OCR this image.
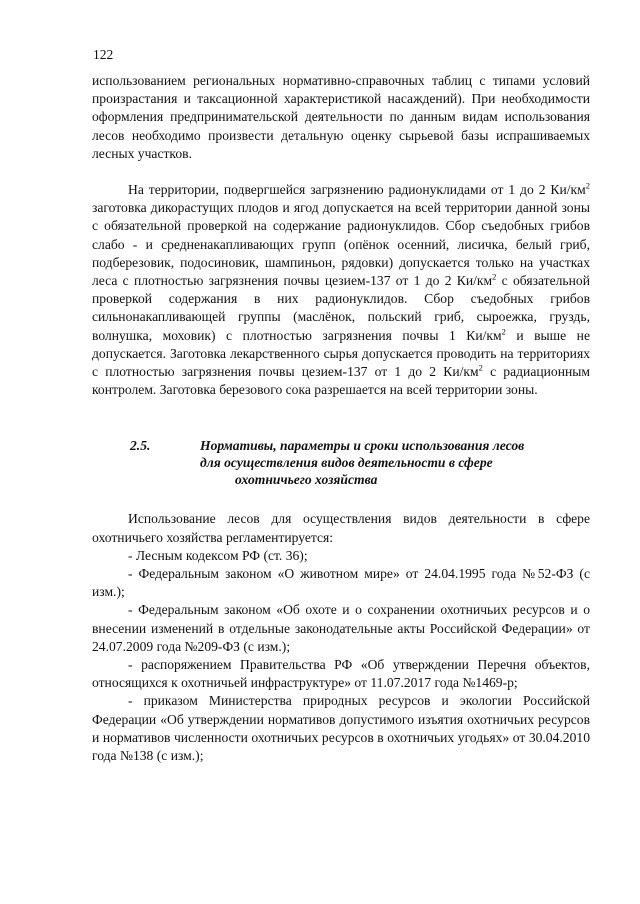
122

использованием региональных нормативно-справочных таблиц с типами условий произрастания и таксационной характеристикой насаждений). При необходимости оформления предпринимательской деятельности по данным видам использования лесов необходимо произвести детальную оценку сырьевой базы испрашиваемых лесных участков.

На территории, подвергшейся загрязнению радионуклидами от 1 до 2 $Ки/км^2$ заготовка дикорастущих плодов и ягод допускается на всей территории данной зоны с обязательной проверкой на содержание радионуклидов. Сбор съедобных грибов слабо - и средненакапливающих групп (опёнок осенний, лисичка, белый гриб, подберезовик, подосиновик, шампиньон, рядовки) допускается только на участках леса с плотностью загрязнения почвы цезием-137 от 1 до 2 $Ки/км^2$ с обязательной проверкой содержания в них радионуклидов. Сбор съедобных грибов сильнонакапливающей группы (маслёнок, польский гриб, сыроежка, груздь, волнушка, моховик) с плотностью загрязнения почвы 1 $Ки/км^2$ и выше не допускается. Заготовка лекарственного сырья допускается проводить на территориях с плотностью загрязнения почвы цезием-137 от 1 до 2 $Ки/км^2$ с радиационным контролем. Заготовка березового сока разрешается на всей территории зоны.

2.5.	Нормативы, параметры и сроки использования лесов
для осуществления видов деятельности в сфере
охотничьего хозяйства

Использование лесов для осуществления видов деятельности в сфере охотничьего хозяйства регламентируется:

- Лесным кодексом РФ (ст. 36);

- Федеральным законом «О животном мире» от 24.04.1995 года №52-ФЗ (с изм.);

- Федеральным законом «Об охоте и о сохранении охотничьих ресурсов и о внесении изменений в отдельные законодательные акты Российской Федерации» от 24.07.2009 года №209-ФЗ (с изм.);

- распоряжением Правительства РФ «Об утверждении Перечня объектов, относящихся к охотничьей инфраструктуре» от 11.07.2017 года №1469-р;

- приказом Министерства природных ресурсов и экологии Российской Федерации «Об утверждении нормативов допустимого изъятия охотничьих ресурсов и нормативов численности охотничьих ресурсов в охотничьих угодьях» от 30.04.2010 года №138 (с изм.);
